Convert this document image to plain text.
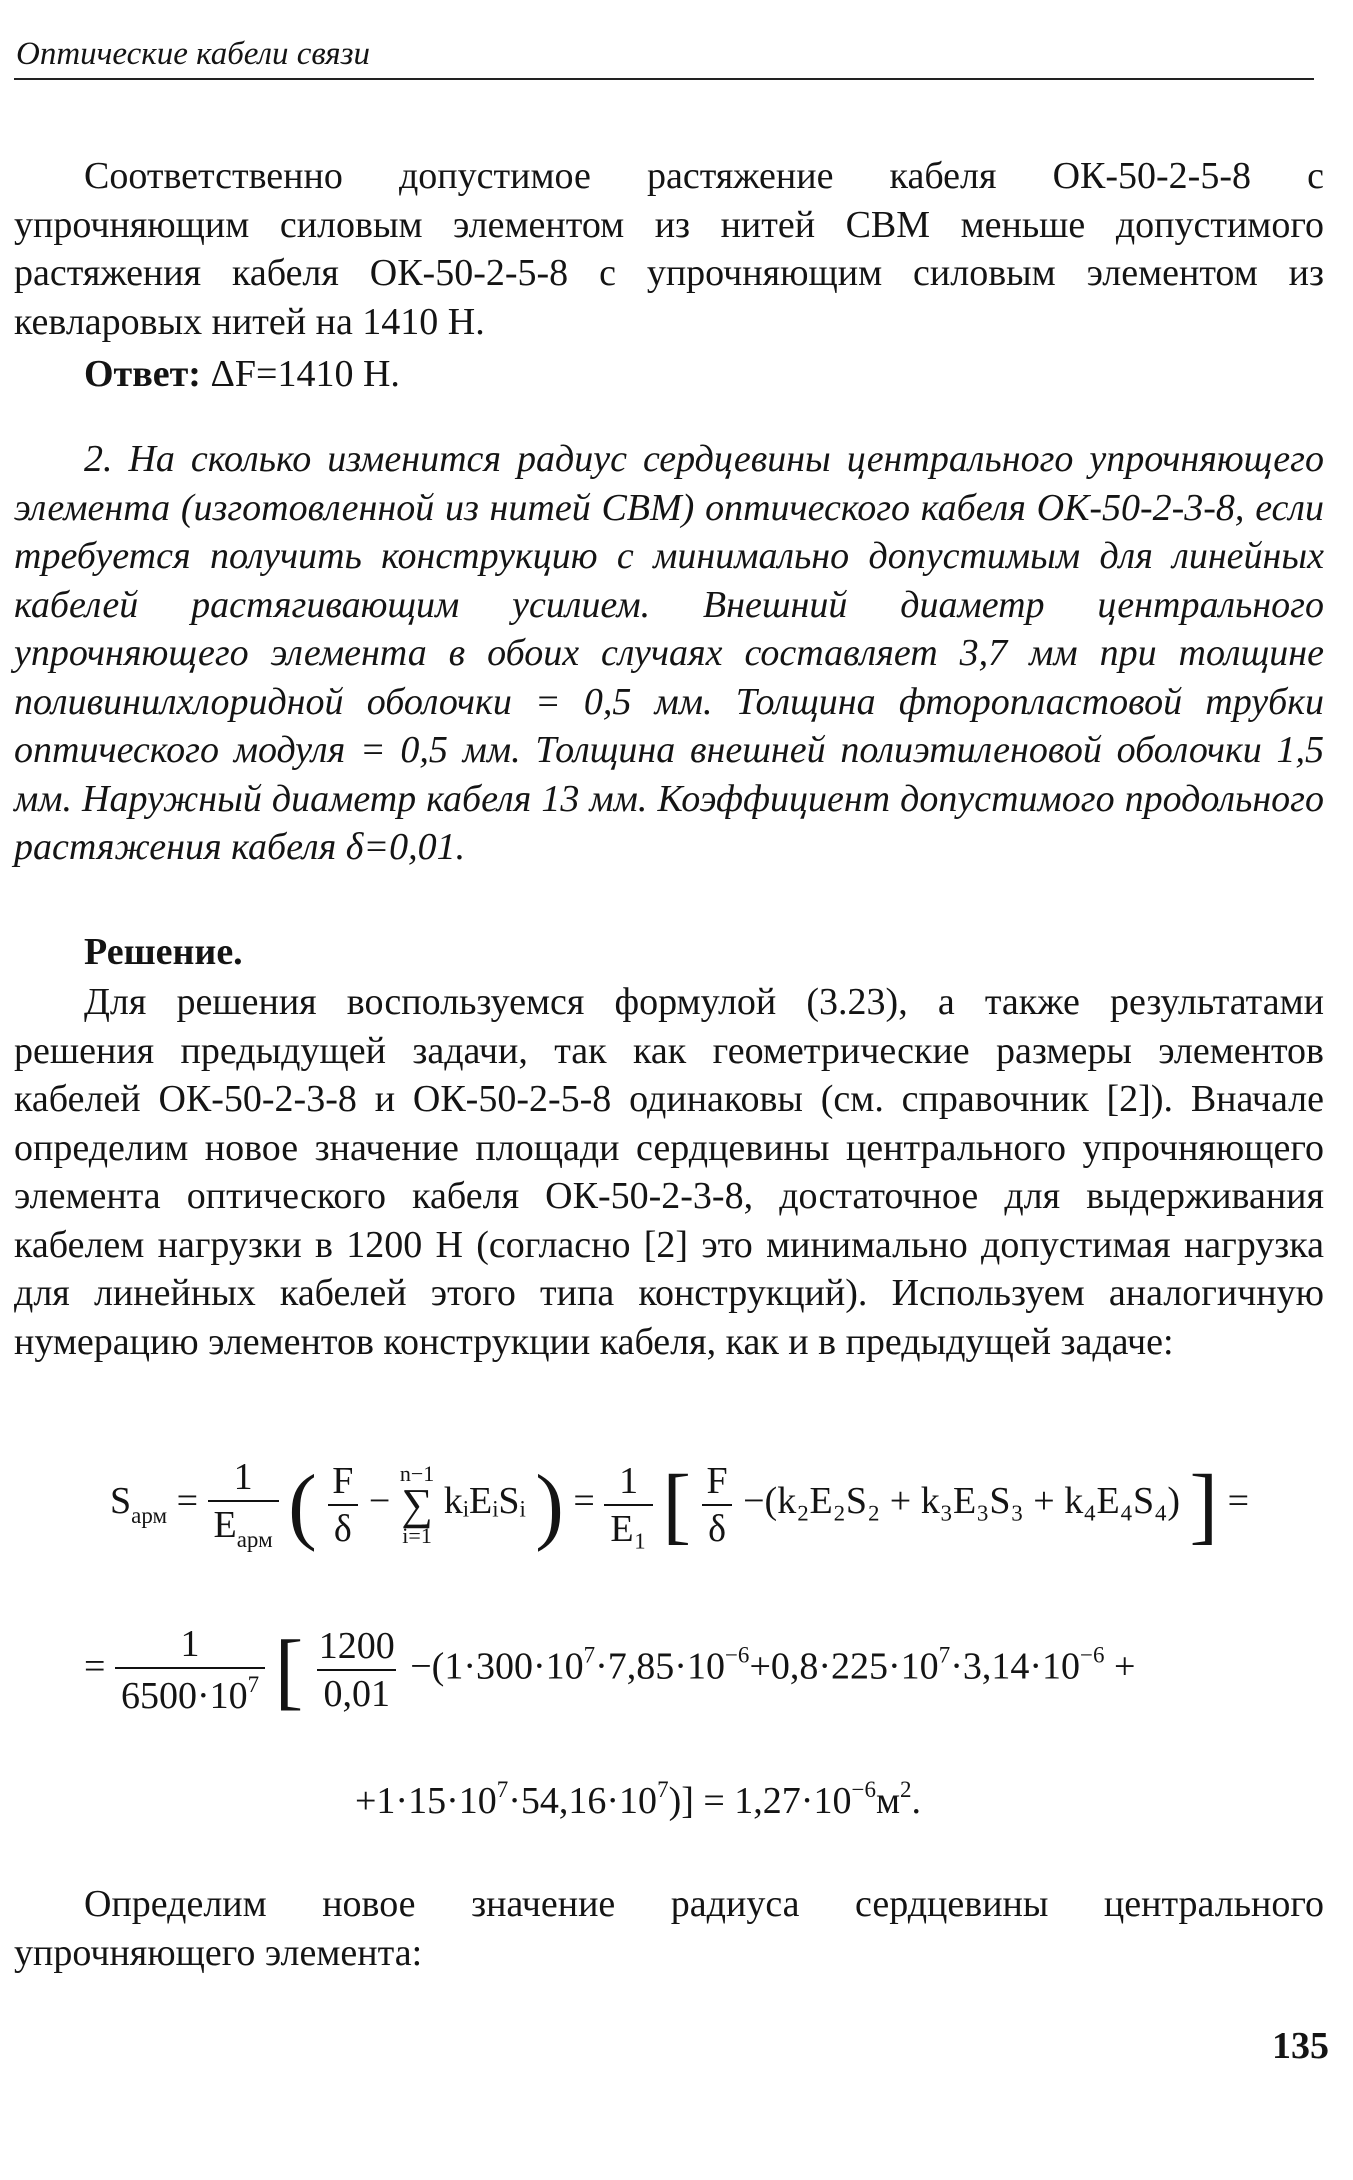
Оптические кабели связи

Соответственно допустимое растяжение кабеля ОК-50-2-5-8 с упрочняющим силовым элементом из нитей СВМ меньше допустимого растяжения кабеля ОК-50-2-5-8 с упрочняющим силовым элементом из кевларовых нитей на 1410 Н.

Ответ: ΔF=1410 Н.

2. На сколько изменится радиус сердцевины центрального упрочняющего элемента (изготовленной из нитей СВМ) оптического кабеля ОК-50-2-3-8, если требуется получить конструкцию с минимально допустимым для линейных кабелей растягивающим усилием. Внешний диаметр центрального упрочняющего элемента в обоих случаях составляет 3,7 мм при толщине поливинилхлоридной оболочки = 0,5 мм. Толщина фторопластовой трубки оптического модуля = 0,5 мм. Толщина внешней полиэтиленовой оболочки 1,5 мм. Наружный диаметр кабеля 13 мм. Коэффициент допустимого продольного растяжения кабеля δ=0,01.

Решение.

Для решения воспользуемся формулой (3.23), а также результатами решения предыдущей задачи, так как геометрические размеры элементов кабелей ОК-50-2-3-8 и ОК-50-2-5-8 одинаковы (см. справочник [2]). Вначале определим новое значение площади сердцевины центрального упрочняющего элемента оптического кабеля ОК-50-2-3-8, достаточное для выдерживания кабелем нагрузки в 1200 Н (согласно [2] это минимально допустимая нагрузка для линейных кабелей этого типа конструкций). Используем аналогичную нумерацию элементов конструкции кабеля, как и в предыдущей задаче:

$S_{арм} = \frac{1}{E_{арм}}$ ( $\frac{F}{\delta}$ −
n−1
∑
i=1
kᵢEᵢSᵢ ) = $\frac{1}{\text{E₁}}$ [ $\frac{F}{\delta} -(k_2E_2S_2 + k_3E_3S_3 + k_4E_4S_4)$ ] =
= $\frac{1}{6500\cdot 10^7}$ [ $\frac{1200}{0,01} -(1\cdot 300\cdot 10^7\cdot 7,85\cdot 10^{-6}+0,8\cdot 225\cdot 10^7\cdot 3,14\cdot 10^{-6}$ +
$+1\cdot 15\cdot 10^7\cdot 54,16\cdot 10^7)] = 1,27\cdot 10^{-6}м^2$.

Определим новое значение радиуса сердцевины центрального упрочняющего элемента:

135
